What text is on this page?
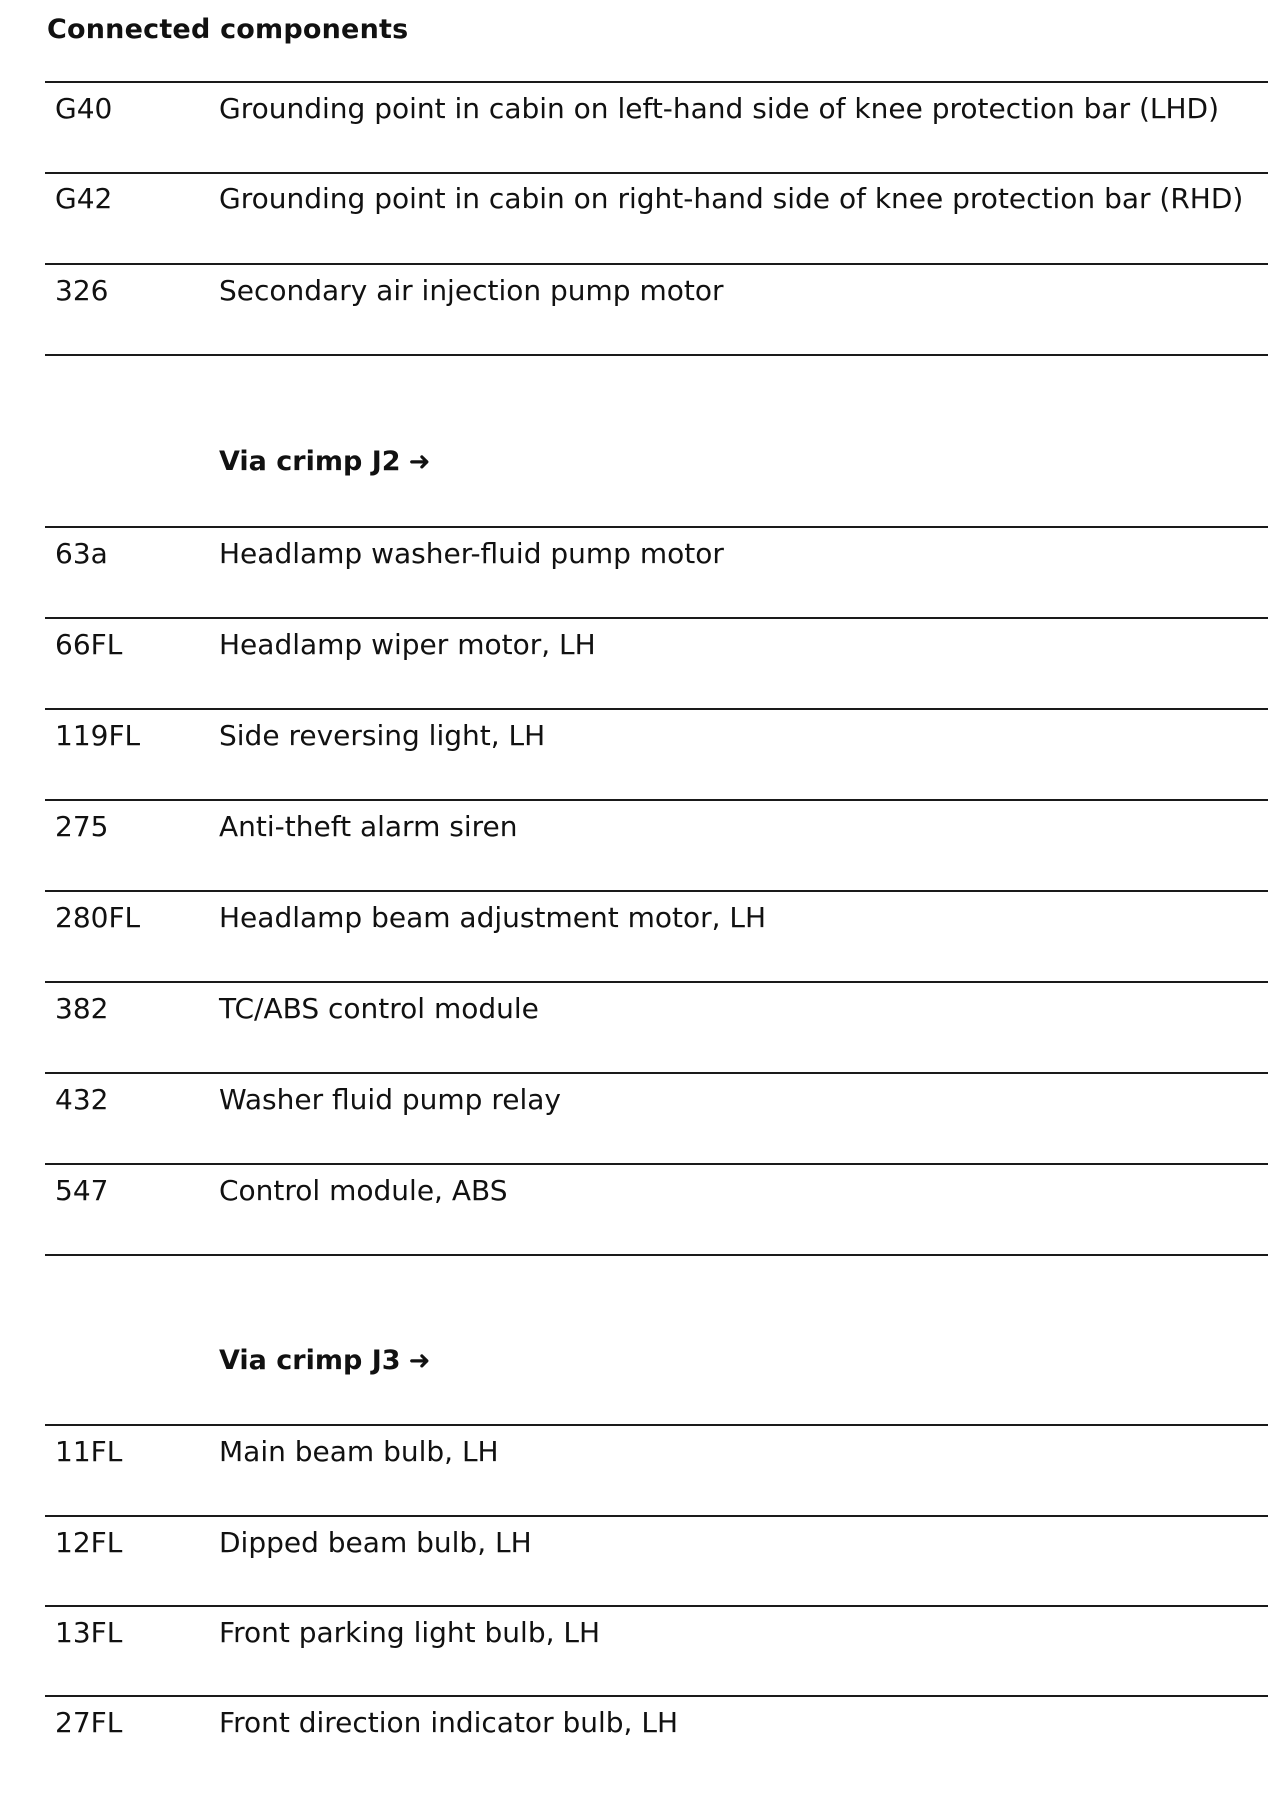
Connected components
G40	Grounding point in cabin on left-hand side of knee protection bar (LHD)
G42	Grounding point in cabin on right-hand side of knee protection bar (RHD)
326	Secondary air injection pump motor
Via crimp J2 ➜
63a	Headlamp washer-fluid pump motor
66FL	Headlamp wiper motor, LH
119FL	Side reversing light, LH
275	Anti-theft alarm siren
280FL	Headlamp beam adjustment motor, LH
382	TC/ABS control module
432	Washer fluid pump relay
547	Control module, ABS
Via crimp J3 ➜
11FL	Main beam bulb, LH
12FL	Dipped beam bulb, LH
13FL	Front parking light bulb, LH
27FL	Front direction indicator bulb, LH
